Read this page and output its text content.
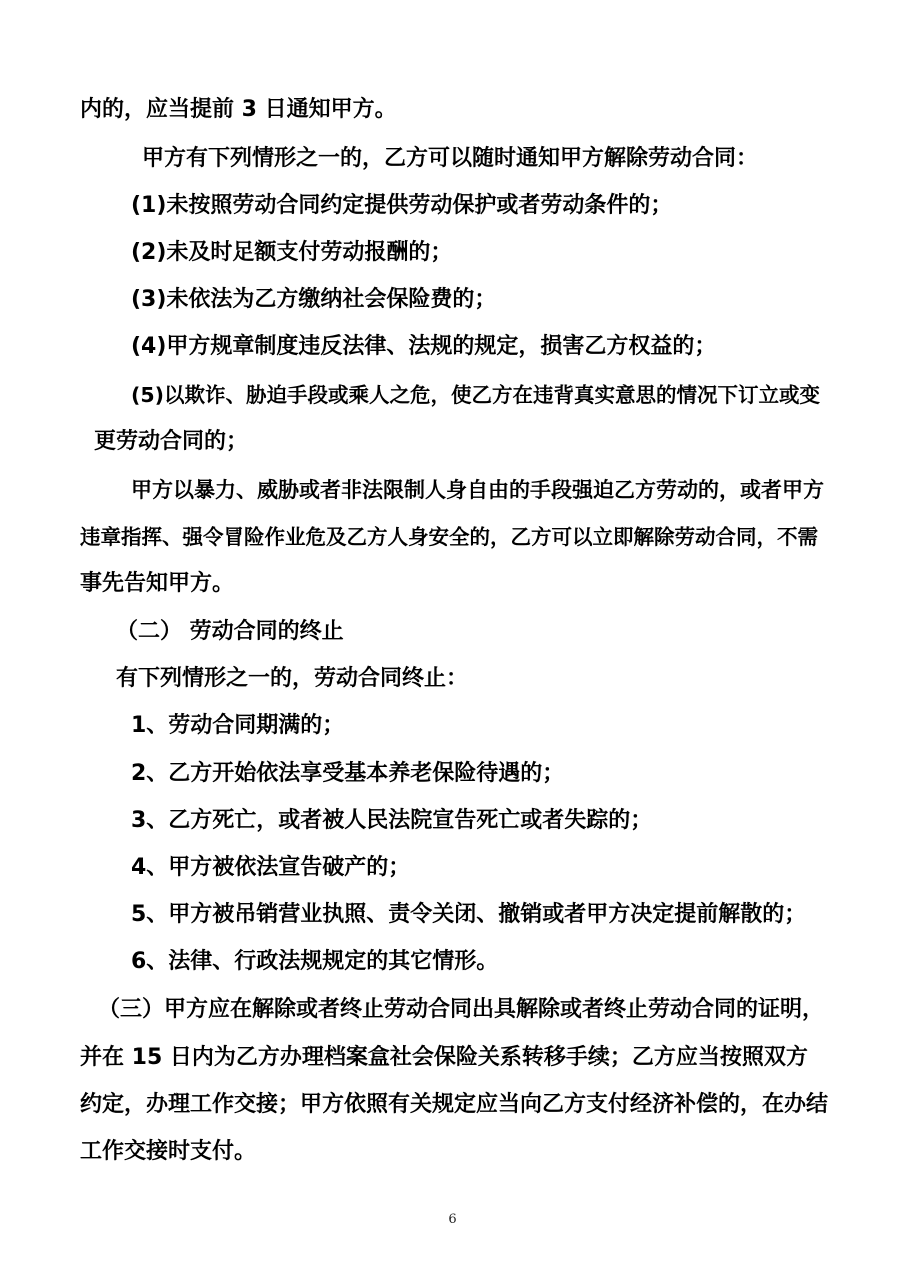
内的，应当提前 3 日通知甲方。
甲方有下列情形之一的，乙方可以随时通知甲方解除劳动合同：
(1)未按照劳动合同约定提供劳动保护或者劳动条件的；
(2)未及时足额支付劳动报酬的；
(3)未依法为乙方缴纳社会保险费的；
(4)甲方规章制度违反法律、法规的规定，损害乙方权益的；
(5)以欺诈、胁迫手段或乘人之危，使乙方在违背真实意思的情况下订立或变
更劳动合同的；
甲方以暴力、威胁或者非法限制人身自由的手段强迫乙方劳动的，或者甲方
违章指挥、强令冒险作业危及乙方人身安全的，乙方可以立即解除劳动合同，不需
事先告知甲方。
（二） 劳动合同的终止
有下列情形之一的，劳动合同终止：
1、劳动合同期满的；
2、乙方开始依法享受基本养老保险待遇的；
3、乙方死亡，或者被人民法院宣告死亡或者失踪的；
4、甲方被依法宣告破产的；
5、甲方被吊销营业执照、责令关闭、撤销或者甲方决定提前解散的；
6、法律、行政法规规定的其它情形。
（三）甲方应在解除或者终止劳动合同出具解除或者终止劳动合同的证明，
并在 15 日内为乙方办理档案盒社会保险关系转移手续；乙方应当按照双方
约定，办理工作交接；甲方依照有关规定应当向乙方支付经济补偿的，在办结
工作交接时支付。
6
